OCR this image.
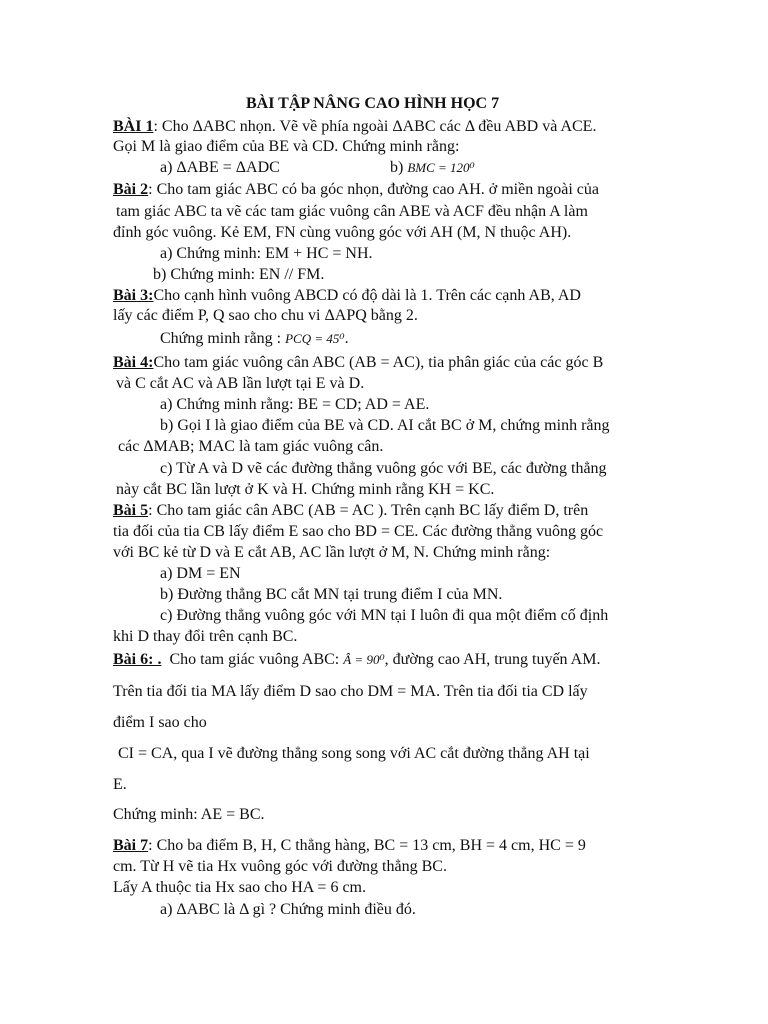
BÀI TẬP NÂNG CAO HÌNH HỌC 7
BÀI 1: Cho ΔABC nhọn. Vẽ về phía ngoài ΔABC các Δ đều ABD và ACE.
Gọi M là giao điểm của BE và CD. Chứng minh rằng:
a) ΔABE = ΔADC	b) BMC = 120⁰
Bài 2: Cho tam giác ABC có ba góc nhọn, đường cao AH. ở miền ngoài của
tam giác ABC ta vẽ các tam giác vuông cân ABE và ACF đều nhận A làm
đỉnh góc vuông. Kẻ EM, FN cùng vuông góc với AH (M, N thuộc AH).
a) Chứng minh: EM + HC = NH.
b) Chứng minh: EN // FM.
Bài 3:Cho cạnh hình vuông ABCD có độ dài là 1. Trên các cạnh AB, AD
lấy các điểm P, Q sao cho chu vi ΔAPQ bằng 2.
Chứng minh rằng : PCQ = 45⁰.
Bài 4:Cho tam giác vuông cân ABC (AB = AC), tia phân giác của các góc B
và C cắt AC và AB lần lượt tại E và D.
a) Chứng minh rằng: BE = CD; AD = AE.
b) Gọi I là giao điểm của BE và CD. AI cắt BC ở M, chứng minh rằng
các ΔMAB; MAC là tam giác vuông cân.
c) Từ A và D vẽ các đường thẳng vuông góc với BE, các đường thẳng
này cắt BC lần lượt ở K và H. Chứng minh rằng KH = KC.
Bài 5: Cho tam giác cân ABC (AB = AC ). Trên cạnh BC lấy điểm D, trên
tia đối của tia CB lấy điểm E sao cho BD = CE. Các đường thẳng vuông góc
với BC kẻ từ D và E cắt AB, AC lần lượt ở M, N. Chứng minh rằng:
a) DM = EN
b) Đường thẳng BC cắt MN tại trung điểm I của MN.
c) Đường thẳng vuông góc với MN tại I luôn đi qua một điểm cố định
khi D thay đổi trên cạnh BC.
Bài 6: . Cho tam giác vuông ABC: Â = 90⁰, đường cao AH, trung tuyến AM.
Trên tia đối tia MA lấy điểm D sao cho DM = MA. Trên tia đối tia CD lấy
điểm I sao cho
CI = CA, qua I vẽ đường thẳng song song với AC cắt đường thẳng AH tại
E.
Chứng minh: AE = BC.
Bài 7: Cho ba điểm B, H, C thẳng hàng, BC = 13 cm, BH = 4 cm, HC = 9
cm. Từ H vẽ tia Hx vuông góc với đường thẳng BC.
Lấy A thuộc tia Hx sao cho HA = 6 cm.
a) ΔABC là Δ gì ? Chứng minh điều đó.
